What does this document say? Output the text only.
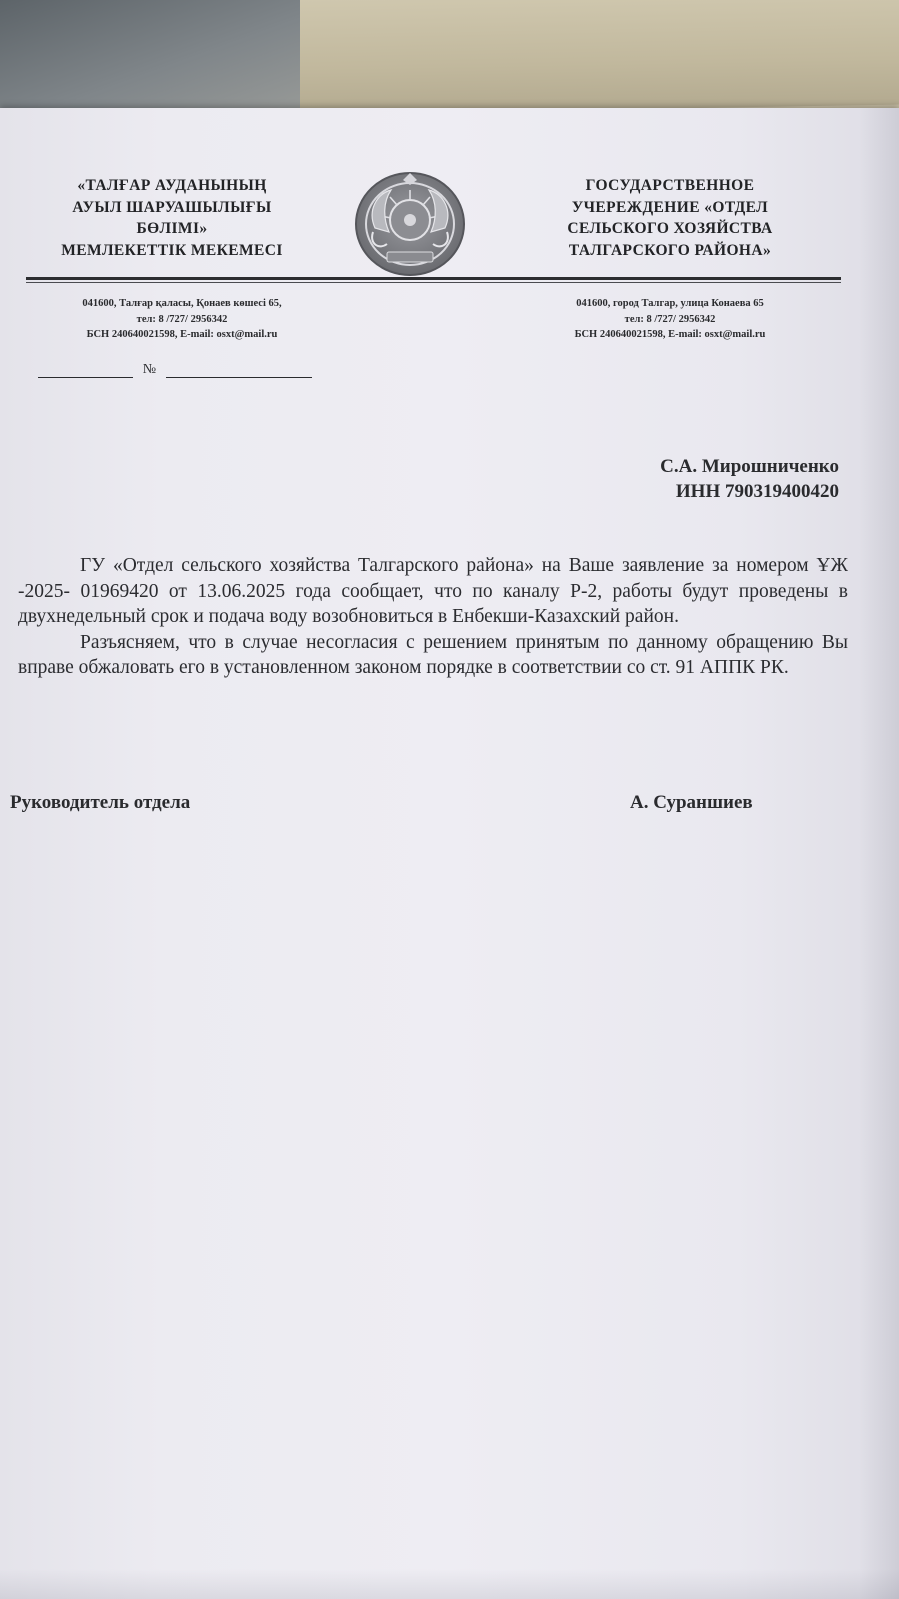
«ТАЛҒАР АУДАНЫНЫҢ
АУЫЛ ШАРУАШЫЛЫҒЫ
БӨЛІМІ»
МЕМЛЕКЕТТІК МЕКЕМЕСІ
ГОСУДАРСТВЕННОЕ
УЧЕРЕЖДЕНИЕ «ОТДЕЛ
СЕЛЬСКОГО ХОЗЯЙСТВА
ТАЛГАРСКОГО РАЙОНА»
041600, Талғар қаласы, Қонаев көшесі 65,
тел: 8 /727/ 2956342
БСН 240640021598, E-mail: osxt@mail.ru
041600, город Талгар, улица Конаева 65
тел: 8 /727/ 2956342
БСН 240640021598, E-mail: osxt@mail.ru
№
С.А. Мирошниченко
ИНН 790319400420

ГУ «Отдел сельского хозяйства Талгарского района» на Ваше заявление за номером ҰЖ -2025- 01969420 от 13.06.2025 года сообщает, что по каналу Р-2, работы будут проведены в двухнедельный срок и подача воду возобновиться в Енбекши-Казахский район.

Разъясняем, что в случае несогласия с решением принятым по данному обращению Вы вправе обжаловать его в установленном законом порядке в соответствии со ст. 91 АППК РК.

Руководитель отдела	А. Сураншиев
